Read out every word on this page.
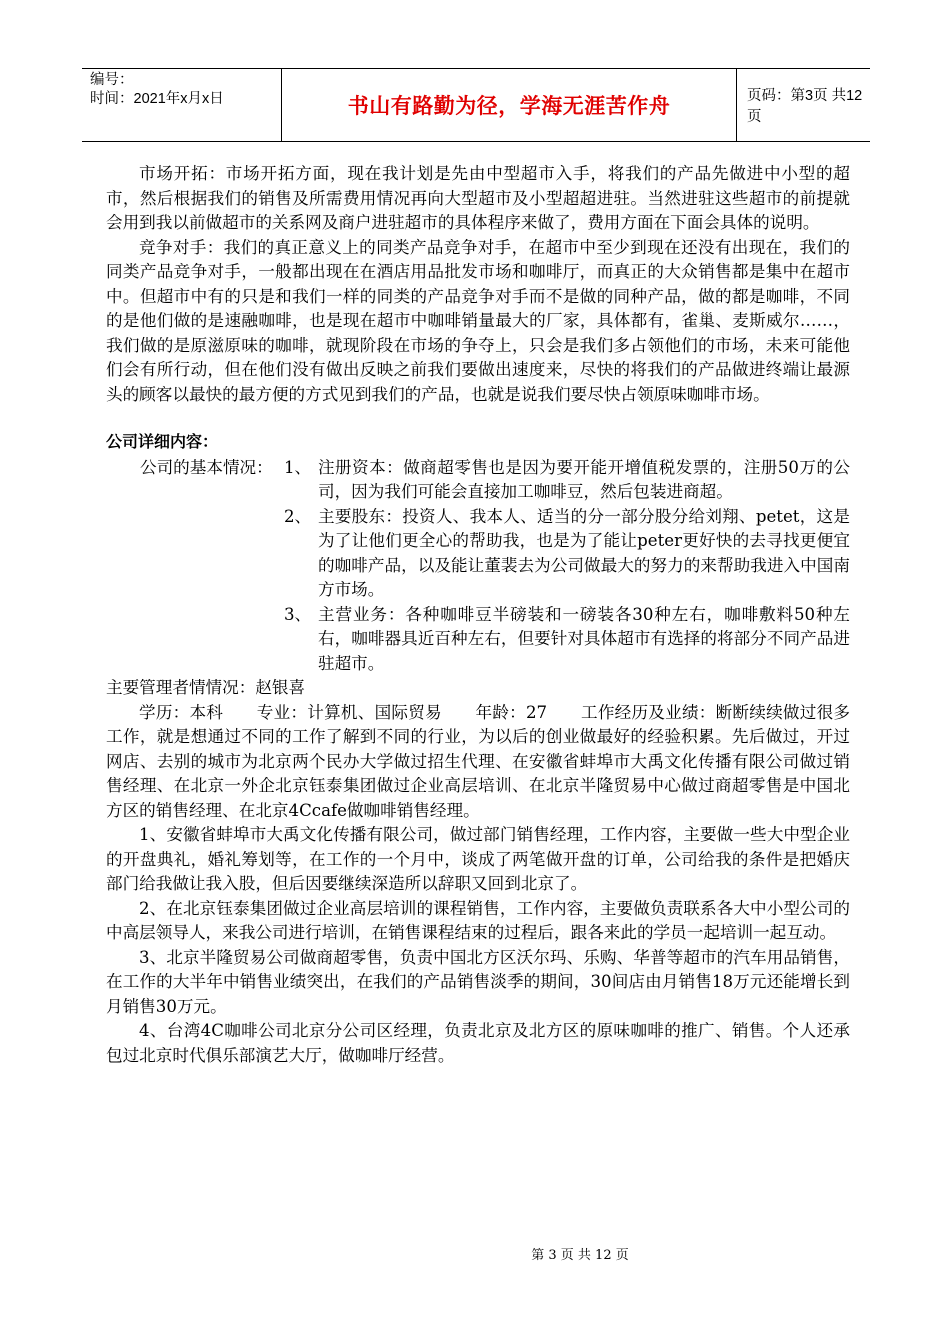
编号：
时间：2021年x月x日	书山有路勤为径，学海无涯苦作舟	页码：第3页 共12页

市场开拓：市场开拓方面，现在我计划是先由中型超市入手，将我们的产品先做进中小型的超市，然后根据我们的销售及所需费用情况再向大型超市及小型超超进驻。当然进驻这些超市的前提就会用到我以前做超市的关系网及商户进驻超市的具体程序来做了，费用方面在下面会具体的说明。

竞争对手：我们的真正意义上的同类产品竞争对手，在超市中至少到现在还没有出现在，我们的同类产品竞争对手，一般都出现在在酒店用品批发市场和咖啡厅，而真正的大众销售都是集中在超市中。但超市中有的只是和我们一样的同类的产品竞争对手而不是做的同种产品，做的都是咖啡，不同的是他们做的是速融咖啡，也是现在超市中咖啡销量最大的厂家，具体都有，雀巢、麦斯威尔……，我们做的是原滋原味的咖啡，就现阶段在市场的争夺上，只会是我们多占领他们的市场，未来可能他们会有所行动，但在他们没有做出反映之前我们要做出速度来，尽快的将我们的产品做进终端让最源头的顾客以最快的最方便的方式见到我们的产品，也就是说我们要尽快占领原味咖啡市场。

公司详细内容：

公司的基本情况： 1、 注册资本：做商超零售也是因为要开能开增值税发票的，注册50万的公司，因为我们可能会直接加工咖啡豆，然后包装进商超。
2、 主要股东：投资人、我本人、适当的分一部分股分给刘翔、petet，这是为了让他们更全心的帮助我，也是为了能让peter更好快的去寻找更便宜的咖啡产品，以及能让董裴去为公司做最大的努力的来帮助我进入中国南方市场。
3、 主营业务：各种咖啡豆半磅装和一磅装各30种左右，咖啡敷料50种左右，咖啡器具近百种左右，但要针对具体超市有选择的将部分不同产品进驻超市。

主要管理者情情况：赵银喜

学历：本科　　专业：计算机、国际贸易　　年龄：27　　工作经历及业绩：断断续续做过很多工作，就是想通过不同的工作了解到不同的行业，为以后的创业做最好的经验积累。先后做过，开过网店、去别的城市为北京两个民办大学做过招生代理、在安徽省蚌埠市大禹文化传播有限公司做过销售经理、在北京一外企北京钰泰集团做过企业高层培训、在北京半隆贸易中心做过商超零售是中国北方区的销售经理、在北京4Ccafe做咖啡销售经理。

1、安徽省蚌埠市大禹文化传播有限公司，做过部门销售经理，工作内容，主要做一些大中型企业的开盘典礼，婚礼筹划等，在工作的一个月中，谈成了两笔做开盘的订单，公司给我的条件是把婚庆部门给我做让我入股，但后因要继续深造所以辞职又回到北京了。

2、在北京钰泰集团做过企业高层培训的课程销售，工作内容，主要做负责联系各大中小型公司的中高层领导人，来我公司进行培训，在销售课程结束的过程后，跟各来此的学员一起培训一起互动。

3、北京半隆贸易公司做商超零售，负责中国北方区沃尔玛、乐购、华普等超市的汽车用品销售，在工作的大半年中销售业绩突出，在我们的产品销售淡季的期间，30间店由月销售18万元还能增长到月销售30万元。

4、台湾4C咖啡公司北京分公司区经理，负责北京及北方区的原味咖啡的推广、销售。个人还承包过北京时代俱乐部演艺大厅，做咖啡厅经营。

第 3 页 共 12 页
